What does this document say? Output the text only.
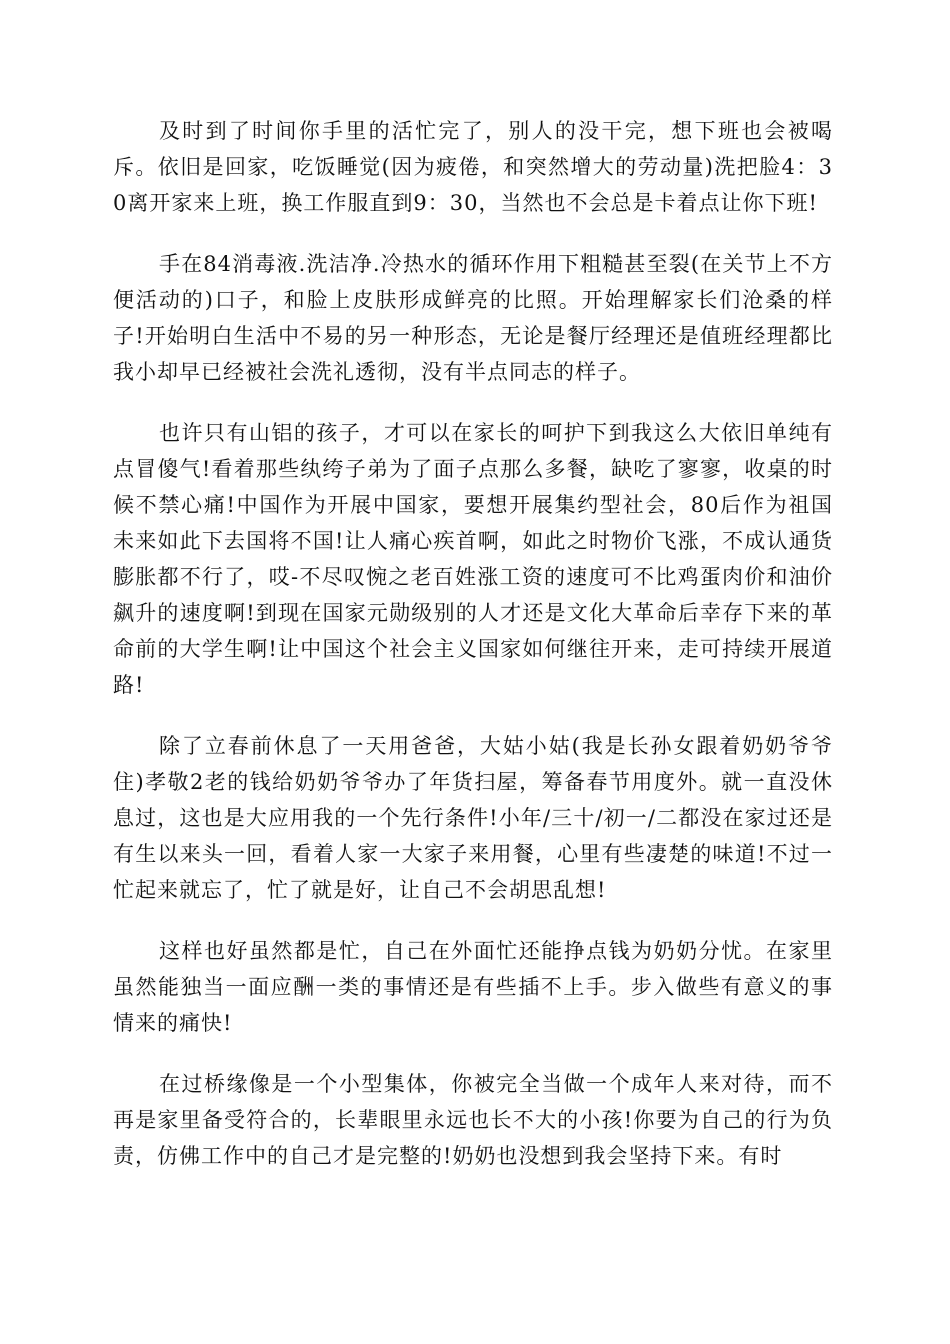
及时到了时间你手里的活忙完了，别人的没干完，想下班也会被喝斥。依旧是回家，吃饭睡觉(因为疲倦，和突然增大的劳动量)洗把脸4：30离开家来上班，换工作服直到9：30，当然也不会总是卡着点让你下班!

手在84消毒液.洗洁净.冷热水的循环作用下粗糙甚至裂(在关节上不方便活动的)口子，和脸上皮肤形成鲜亮的比照。开始理解家长们沧桑的样子!开始明白生活中不易的另一种形态，无论是餐厅经理还是值班经理都比我小却早已经被社会洗礼透彻，没有半点同志的样子。

也许只有山铝的孩子，才可以在家长的呵护下到我这么大依旧单纯有点冒傻气!看着那些纨绔子弟为了面子点那么多餐，缺吃了寥寥，收桌的时候不禁心痛!中国作为开展中国家，要想开展集约型社会，80后作为祖国未来如此下去国将不国!让人痛心疾首啊，如此之时物价飞涨，不成认通货膨胀都不行了，哎-不尽叹惋之老百姓涨工资的速度可不比鸡蛋肉价和油价飙升的速度啊!到现在国家元勋级别的人才还是文化大革命后幸存下来的革命前的大学生啊!让中国这个社会主义国家如何继往开来，走可持续开展道路!

除了立春前休息了一天用爸爸，大姑小姑(我是长孙女跟着奶奶爷爷住)孝敬2老的钱给奶奶爷爷办了年货扫屋，筹备春节用度外。就一直没休息过，这也是大应用我的一个先行条件!小年/三十/初一/二都没在家过还是有生以来头一回，看着人家一大家子来用餐，心里有些凄楚的味道!不过一忙起来就忘了，忙了就是好，让自己不会胡思乱想!

这样也好虽然都是忙，自己在外面忙还能挣点钱为奶奶分忧。在家里虽然能独当一面应酬一类的事情还是有些插不上手。步入做些有意义的事情来的痛快!

在过桥缘像是一个小型集体，你被完全当做一个成年人来对待，而不再是家里备受符合的，长辈眼里永远也长不大的小孩!你要为自己的行为负责，仿佛工作中的自己才是完整的!奶奶也没想到我会坚持下来。有时
